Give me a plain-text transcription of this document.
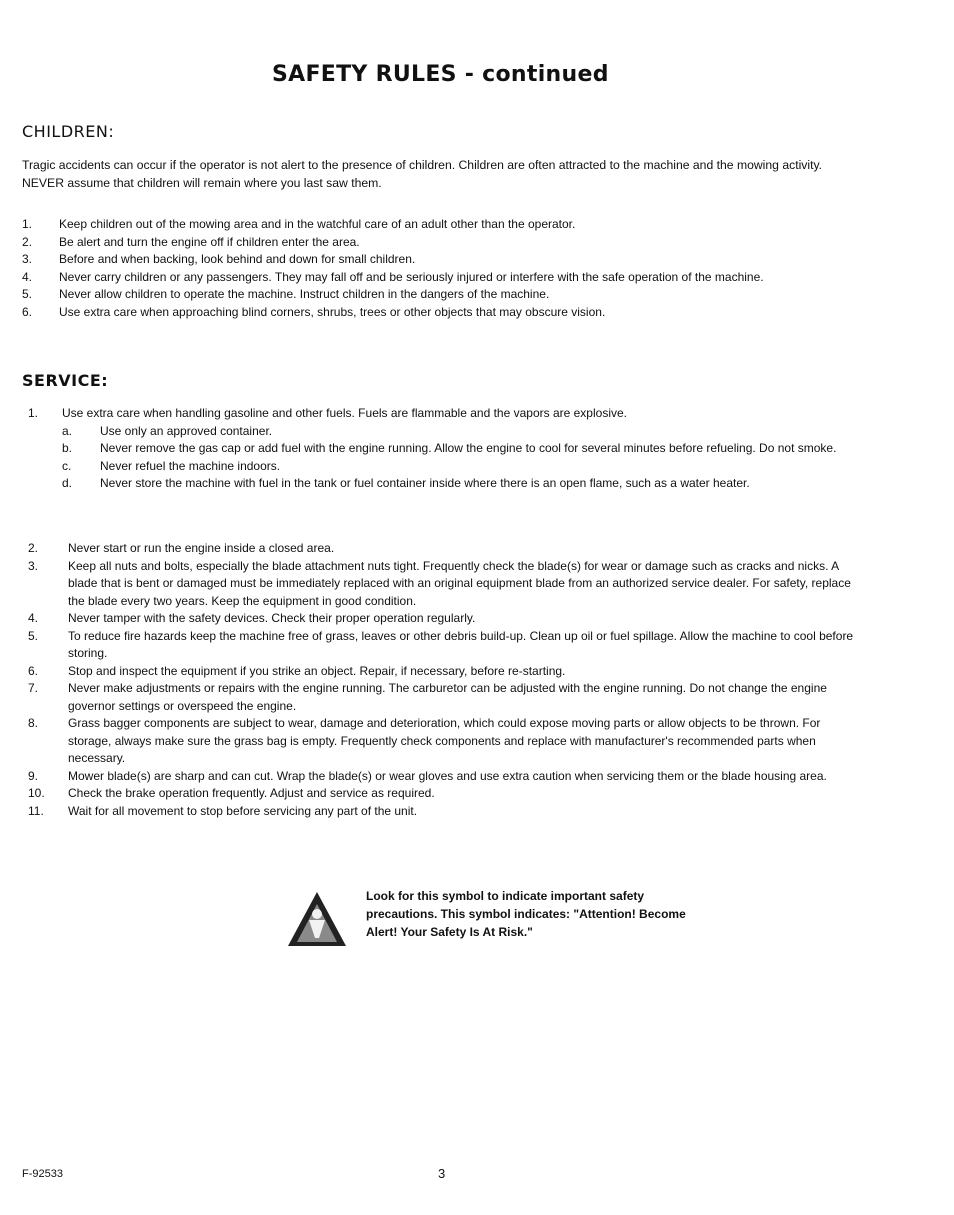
SAFETY RULES - continued
CHILDREN:
Tragic accidents can occur if the operator is not alert to the presence of children. Children are often attracted to the machine and the mowing activity. NEVER assume that children will remain where you last saw them.
1. Keep children out of the mowing area and in the watchful care of an adult other than the operator.
2. Be alert and turn the engine off if children enter the area.
3. Before and when backing, look behind and down for small children.
4. Never carry children or any passengers. They may fall off and be seriously injured or interfere with the safe operation of the machine.
5. Never allow children to operate the machine. Instruct children in the dangers of the machine.
6. Use extra care when approaching blind corners, shrubs, trees or other objects that may obscure vision.
SERVICE:
1. Use extra care when handling gasoline and other fuels. Fuels are flammable and the vapors are explosive.
a. Use only an approved container.
b. Never remove the gas cap or add fuel with the engine running. Allow the engine to cool for several minutes before refueling. Do not smoke.
c. Never refuel the machine indoors.
d. Never store the machine with fuel in the tank or fuel container inside where there is an open flame, such as a water heater.
2. Never start or run the engine inside a closed area.
3. Keep all nuts and bolts, especially the blade attachment nuts tight. Frequently check the blade(s) for wear or damage such as cracks and nicks. A blade that is bent or damaged must be immediately replaced with an original equipment blade from an authorized service dealer. For safety, replace the blade every two years. Keep the equipment in good condition.
4. Never tamper with the safety devices. Check their proper operation regularly.
5. To reduce fire hazards keep the machine free of grass, leaves or other debris build-up. Clean up oil or fuel spillage. Allow the machine to cool before storing.
6. Stop and inspect the equipment if you strike an object. Repair, if necessary, before re-starting.
7. Never make adjustments or repairs with the engine running. The carburetor can be adjusted with the engine running. Do not change the engine governor settings or overspeed the engine.
8. Grass bagger components are subject to wear, damage and deterioration, which could expose moving parts or allow objects to be thrown. For storage, always make sure the grass bag is empty. Frequently check components and replace with manufacturer's recommended parts when necessary.
9. Mower blade(s) are sharp and can cut. Wrap the blade(s) or wear gloves and use extra caution when servicing them or the blade housing area.
10. Check the brake operation frequently. Adjust and service as required.
11. Wait for all movement to stop before servicing any part of the unit.
Look for this symbol to indicate important safety precautions. This symbol indicates: "Attention! Become Alert! Your Safety Is At Risk."
F-92533	3
